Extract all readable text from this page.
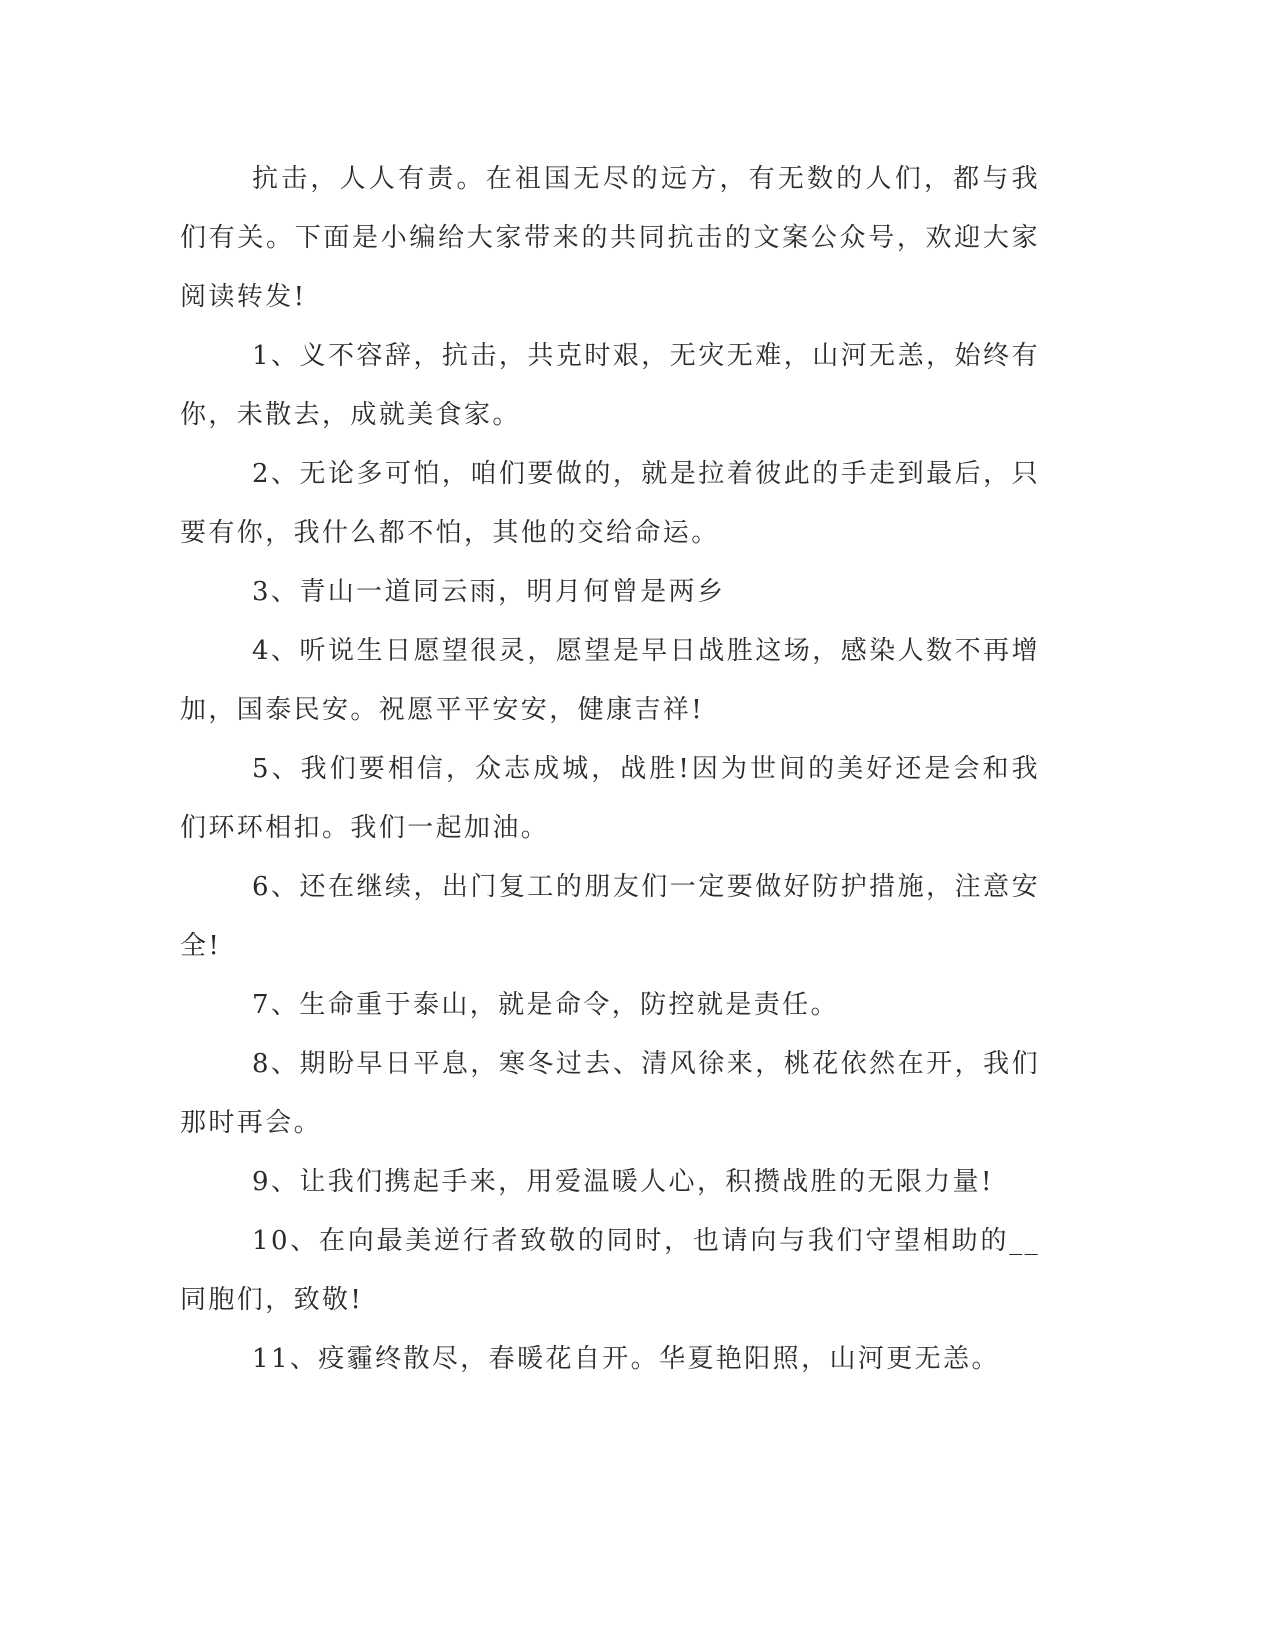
抗击，人人有责。在祖国无尽的远方，有无数的人们，都与我们有关。下面是小编给大家带来的共同抗击的文案公众号，欢迎大家阅读转发!

1、义不容辞，抗击，共克时艰，无灾无难，山河无恙，始终有你，未散去，成就美食家。

2、无论多可怕，咱们要做的，就是拉着彼此的手走到最后，只要有你，我什么都不怕，其他的交给命运。

3、青山一道同云雨，明月何曾是两乡

4、听说生日愿望很灵，愿望是早日战胜这场，感染人数不再增加，国泰民安。祝愿平平安安，健康吉祥!

5、我们要相信，众志成城，战胜!因为世间的美好还是会和我们环环相扣。我们一起加油。

6、还在继续，出门复工的朋友们一定要做好防护措施，注意安全!

7、生命重于泰山，就是命令，防控就是责任。

8、期盼早日平息，寒冬过去、清风徐来，桃花依然在开，我们那时再会。

9、让我们携起手来，用爱温暖人心，积攒战胜的无限力量!

10、在向最美逆行者致敬的同时，也请向与我们守望相助的__同胞们，致敬!

11、疫霾终散尽，春暖花自开。华夏艳阳照，山河更无恙。
